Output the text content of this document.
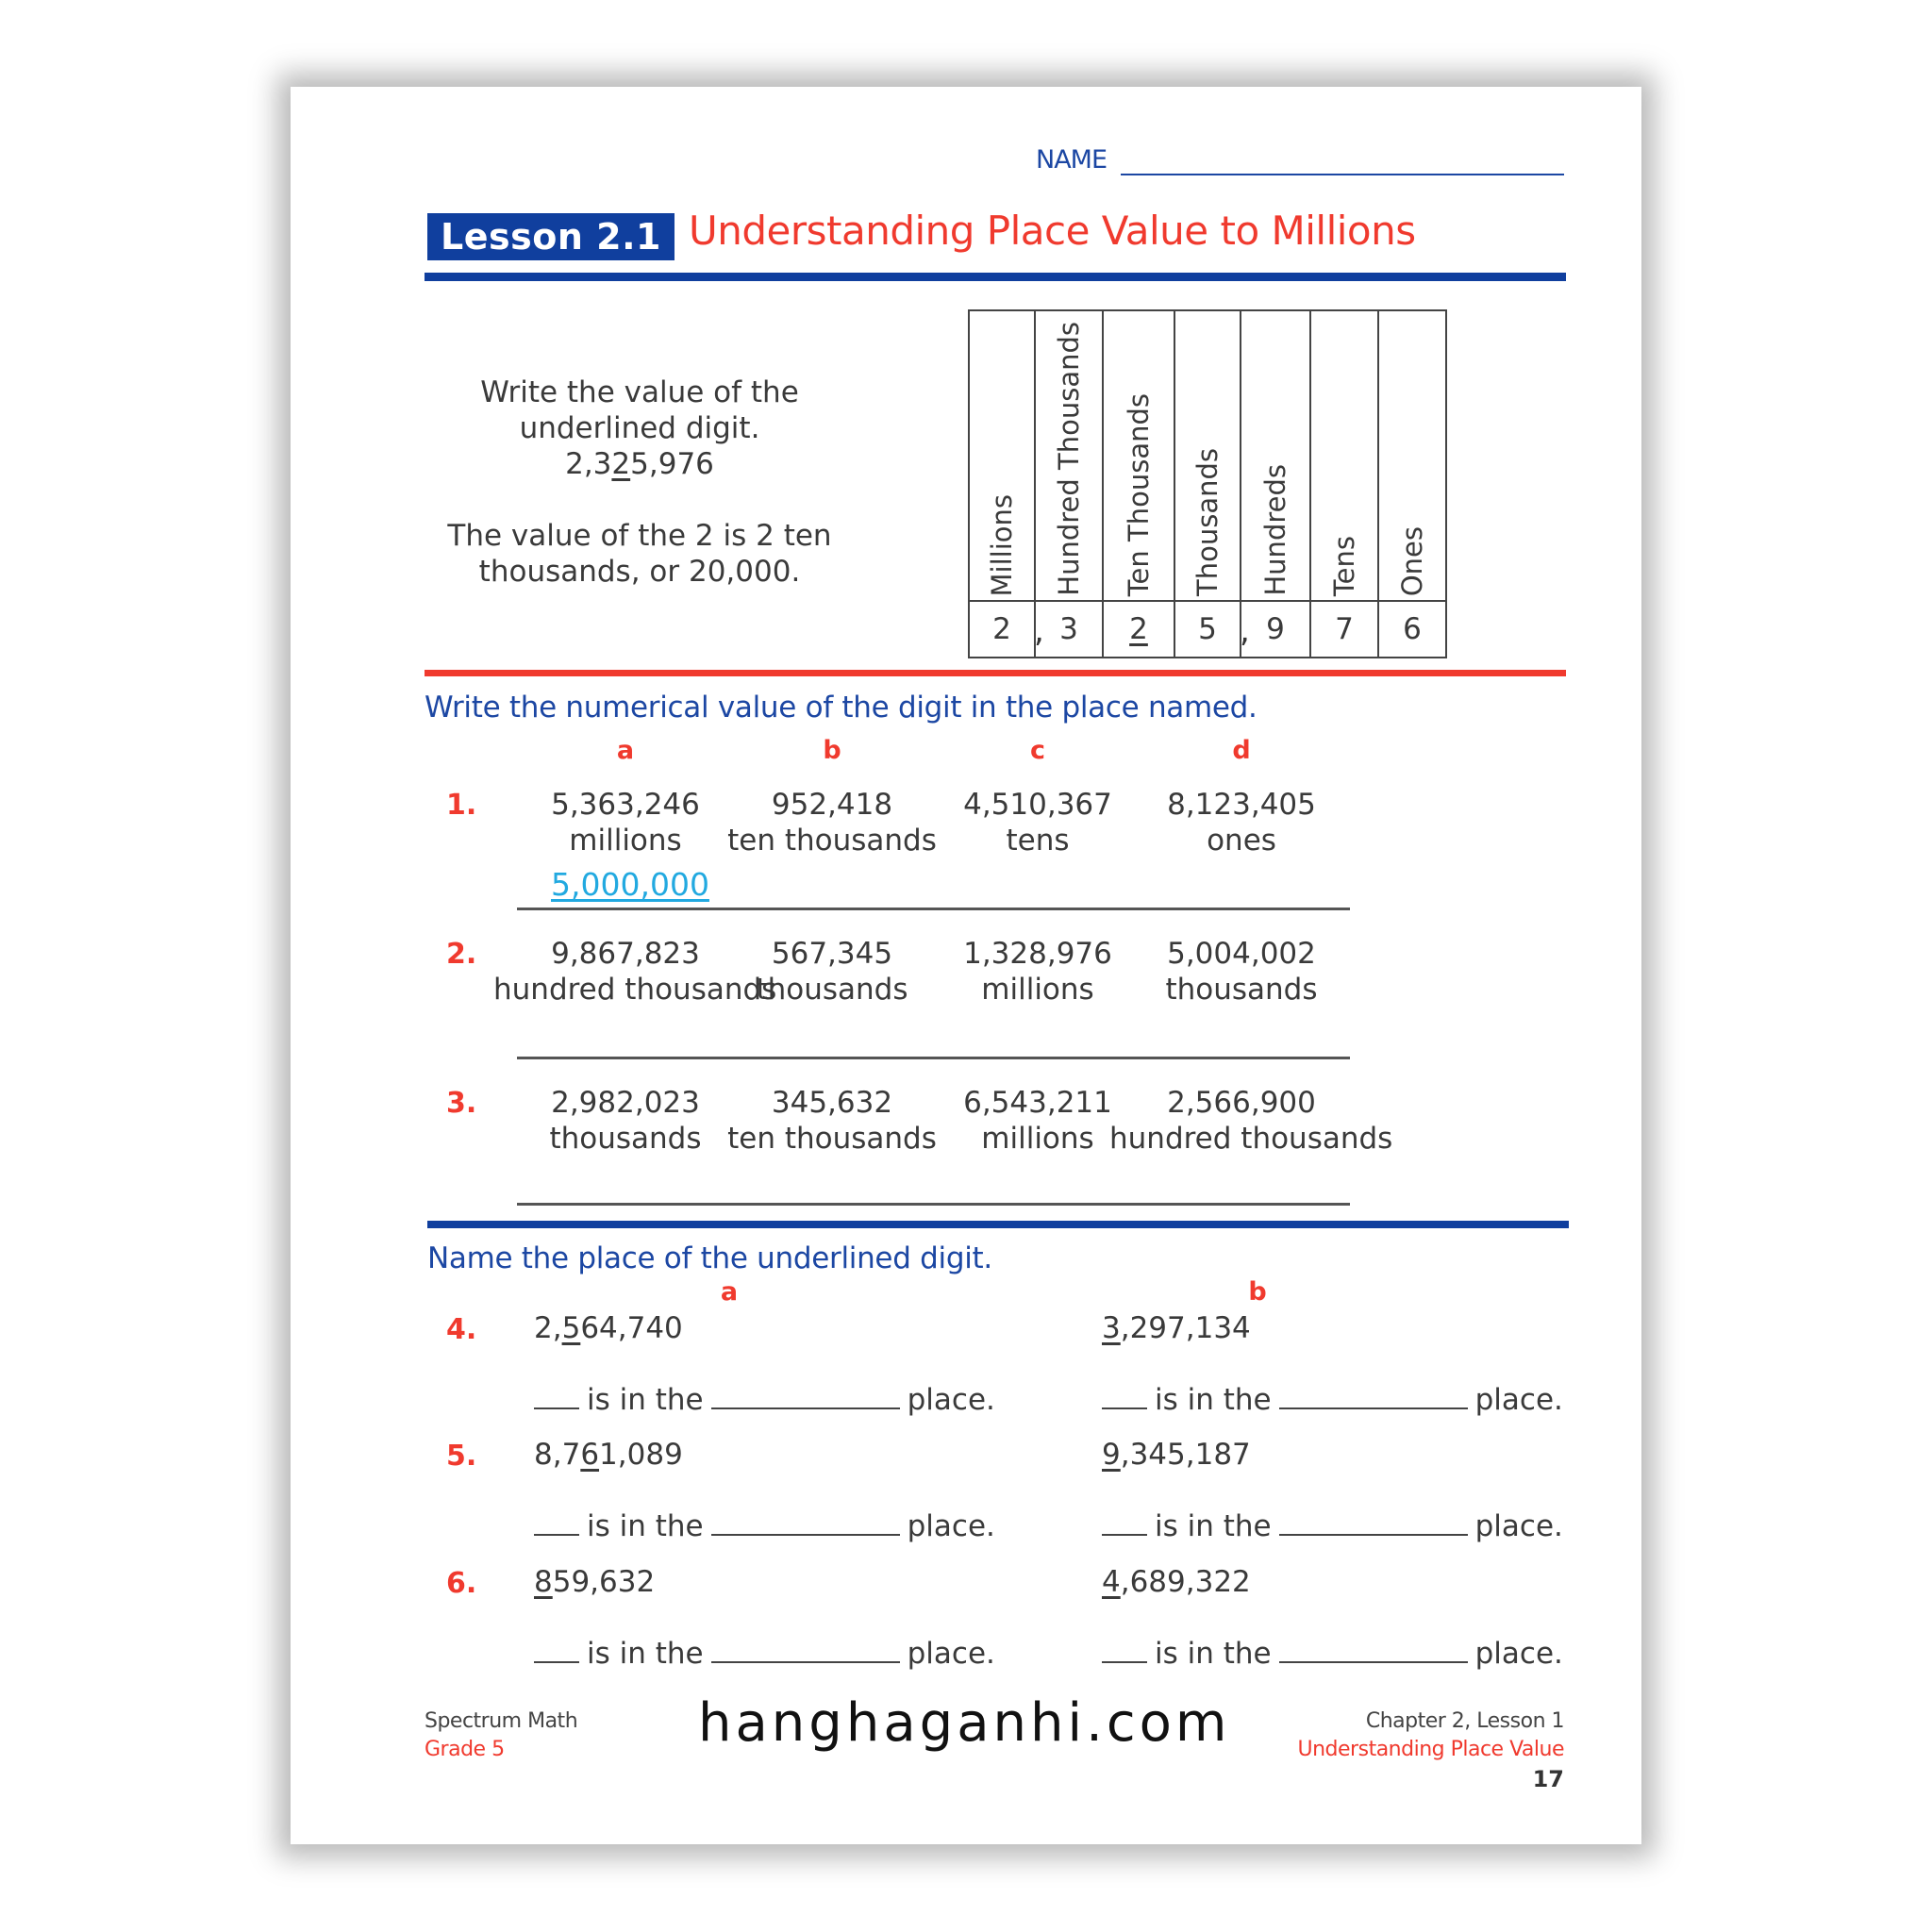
NAME
Lesson 2.1 Understanding Place Value to Millions

Write the value of the

underlined digit.

2,325,976

The value of the 2 is 2 ten

thousands, or 20,000.	Millions	Hundred Thousands	Ten Thousands	Thousands	Hundreds	Tens	Ones
2	, 3	2	5	, 9	7	6
Write the numerical value of the digit in the place named.
Name the place of the underlined digit.
Spectrum Math
Grade 5	hanghaganhi.com	Chapter 2, Lesson 1
Understanding Place Value
17
a	b	c	d
1.	5,363,246
millions
5,000,000
952,418
ten thousands
4,510,367
tens
8,123,405
ones
2.	9,867,823
hundred thousands
567,345
thousands
1,328,976
millions
5,004,002
thousands
3.	2,982,023
thousands
345,632
ten thousands
6,543,211
millions
2,566,900
hundred thousands
a	b
4. 2,564,740
is in the	place.
3,297,134
is in the	place.
5. 8,761,089
is in the	place.
9,345,187
is in the	place.
6. 859,632
is in the	place.
4,689,322
is in the	place.
